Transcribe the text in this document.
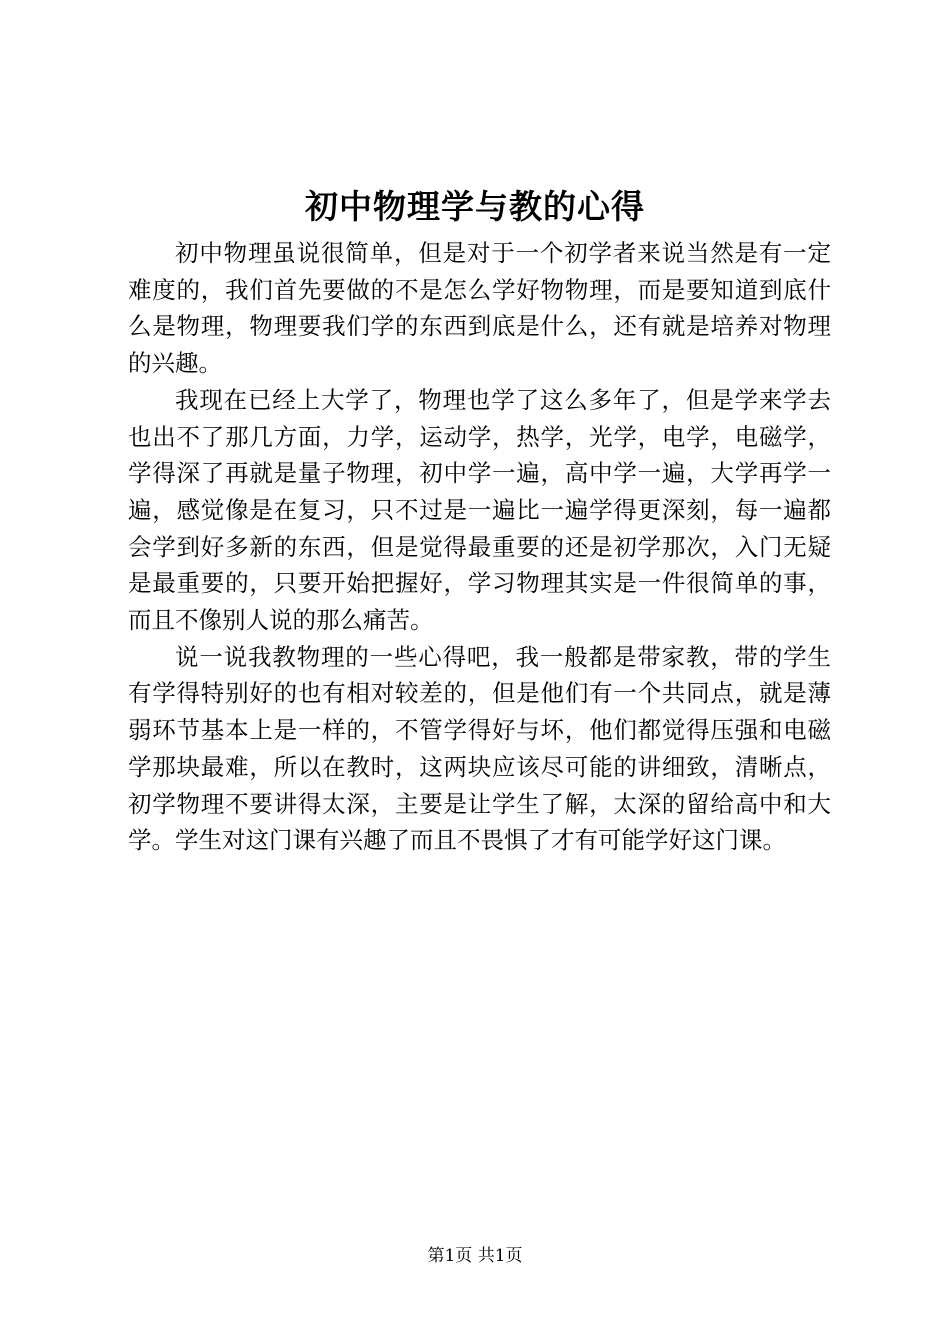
初中物理学与教的心得

初中物理虽说很简单，但是对于一个初学者来说当然是有一定难度的，我们首先要做的不是怎么学好物物理，而是要知道到底什么是物理，物理要我们学的东西到底是什么，还有就是培养对物理的兴趣。

我现在已经上大学了，物理也学了这么多年了，但是学来学去也出不了那几方面，力学，运动学，热学，光学，电学，电磁学，学得深了再就是量子物理，初中学一遍，高中学一遍，大学再学一遍，感觉像是在复习，只不过是一遍比一遍学得更深刻，每一遍都会学到好多新的东西，但是觉得最重要的还是初学那次，入门无疑是最重要的，只要开始把握好，学习物理其实是一件很简单的事，而且不像别人说的那么痛苦。

说一说我教物理的一些心得吧，我一般都是带家教，带的学生有学得特别好的也有相对较差的，但是他们有一个共同点，就是薄弱环节基本上是一样的，不管学得好与坏，他们都觉得压强和电磁学那块最难，所以在教时，这两块应该尽可能的讲细致，清晰点，初学物理不要讲得太深，主要是让学生了解，太深的留给高中和大学。学生对这门课有兴趣了而且不畏惧了才有可能学好这门课。

第1页 共1页
